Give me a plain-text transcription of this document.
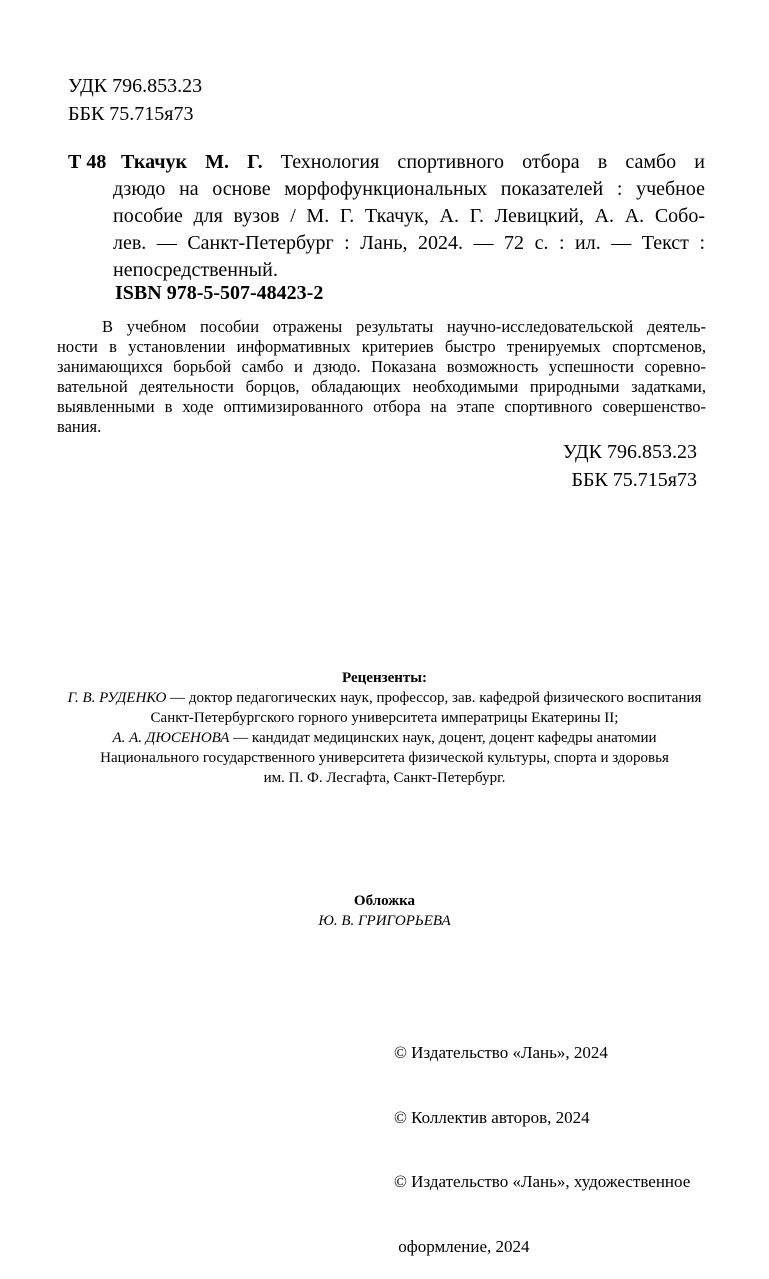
УДК 796.853.23
ББК 75.715я73
Т 48 Ткачук М. Г. Технология спортивного отбора в самбо и
дзюдо на основе морфофункциональных показателей : учебное
пособие для вузов / М. Г. Ткачук, А. Г. Левицкий, А. А. Собо-
лев. — Санкт-Петербург : Лань, 2024. — 72 с. : ил. — Текст :
непосредственный.
ISBN 978-5-507-48423-2
В учебном пособии отражены результаты научно-исследовательской деятель-
ности в установлении информативных критериев быстро тренируемых спортсменов,
занимающихся борьбой самбо и дзюдо. Показана возможность успешности соревно-
вательной деятельности борцов, обладающих необходимыми природными задатками,
выявленными в ходе оптимизированного отбора на этапе спортивного совершенство-
вания.
УДК 796.853.23
ББК 75.715я73
Рецензенты:
Г. В. РУДЕНКО — доктор педагогических наук, профессор, зав. кафедрой физического воспитания
Санкт-Петербургского горного университета императрицы Екатерины II;
А. А. ДЮСЕНОВА — кандидат медицинских наук, доцент, доцент кафедры анатомии
Национального государственного университета физической культуры, спорта и здоровья
им. П. Ф. Лесгафта, Санкт-Петербург.
Обложка
Ю. В. ГРИГОРЬЕВА

© Издательство «Лань», 2024

© Коллектив авторов, 2024

© Издательство «Лань», художественное

оформление, 2024
